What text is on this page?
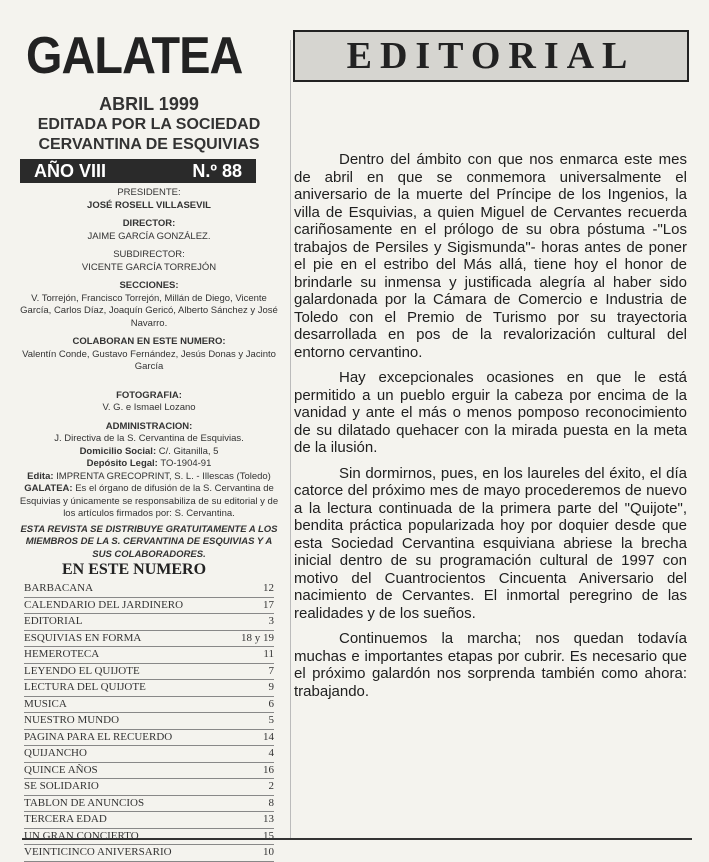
GALATEA
ABRIL 1999
EDITADA POR LA SOCIEDAD
CERVANTINA DE ESQUIVIAS
AÑO VIII	N.º 88
PRESIDENTE:
JOSÉ ROSELL VILLASEVIL
DIRECTOR:
JAIME GARCÍA GONZÁLEZ.
SUBDIRECTOR:
VICENTE GARCÍA TORREJÓN
SECCIONES:
V. Torrejón, Francisco Torrejón, Millán de Diego, Vicente García, Carlos Díaz, Joaquín Gericó, Alberto Sánchez y José Navarro.
COLABORAN EN ESTE NUMERO:
Valentín Conde, Gustavo Fernández, Jesús Donas y Jacinto García
FOTOGRAFIA:
V. G. e Ismael Lozano
ADMINISTRACION:
J. Directiva de la S. Cervantina de Esquivias.
Domicilio Social: C/. Gitanilla, 5
Depósito Legal: TO-1904-91
Edita: IMPRENTA GRECOPRINT, S. L. - Illescas (Toledo)
GALATEA: Es el órgano de difusión de la S. Cervantina de Esquivias y únicamente se responsabiliza de su editorial y de los artículos firmados por: S. Cervantina.
ESTA REVISTA SE DISTRIBUYE GRATUITAMENTE A LOS MIEMBROS DE LA S. CERVANTINA DE ESQUIVIAS Y A SUS COLABORADORES.
EN ESTE NUMERO
BARBACANA	12
CALENDARIO DEL JARDINERO	17
EDITORIAL	3
ESQUIVIAS EN FORMA	18 y 19
HEMEROTECA	11
LEYENDO EL QUIJOTE	7
LECTURA DEL QUIJOTE	9
MUSICA	6
NUESTRO MUNDO	5
PAGINA PARA EL RECUERDO	14
QUIJANCHO	4
QUINCE AÑOS	16
SE SOLIDARIO	2
TABLON DE ANUNCIOS	8
TERCERA EDAD	13
UN GRAN CONCIERTO	15
VEINTICINCO ANIVERSARIO	10
EDITORIAL

Dentro del ámbito con que nos enmarca este mes de abril en que se conmemora universalmente el aniversario de la muerte del Príncipe de los Ingenios, la villa de Esquivias, a quien Miguel de Cervantes recuerda cariñosamente en el prólogo de su obra póstuma -"Los trabajos de Persiles y Sigismunda"- horas antes de poner el pie en el estribo del Más allá, tiene hoy el honor de brindarle su inmensa y justificada alegría al haber sido galardonada por la Cámara de Comercio e Industria de Toledo con el Premio de Turismo por su trayectoria desarrollada en pos de la revalorización cultural del entorno cervantino.

Hay excepcionales ocasiones en que le está permitido a un pueblo erguir la cabeza por encima de la vanidad y ante el más o menos pomposo reconocimiento de su dilatado quehacer con la mirada puesta en la meta de la ilusión.

Sin dormirnos, pues, en los laureles del éxito, el día catorce del próximo mes de mayo procederemos de nuevo a la lectura continuada de la primera parte del "Quijote", bendita práctica popularizada hoy por doquier desde que esta Sociedad Cervantina esquiviana abriese la brecha inicial dentro de su programación cultural de 1997 con motivo del Cuantrocientos Cincuenta Aniversario del nacimiento de Cervantes. El inmortal peregrino de las realidades y de los sueños.

Continuemos la marcha; nos quedan todavía muchas e importantes etapas por cubrir. Es necesario que el próximo galardón nos sorprenda también como ahora: trabajando.
